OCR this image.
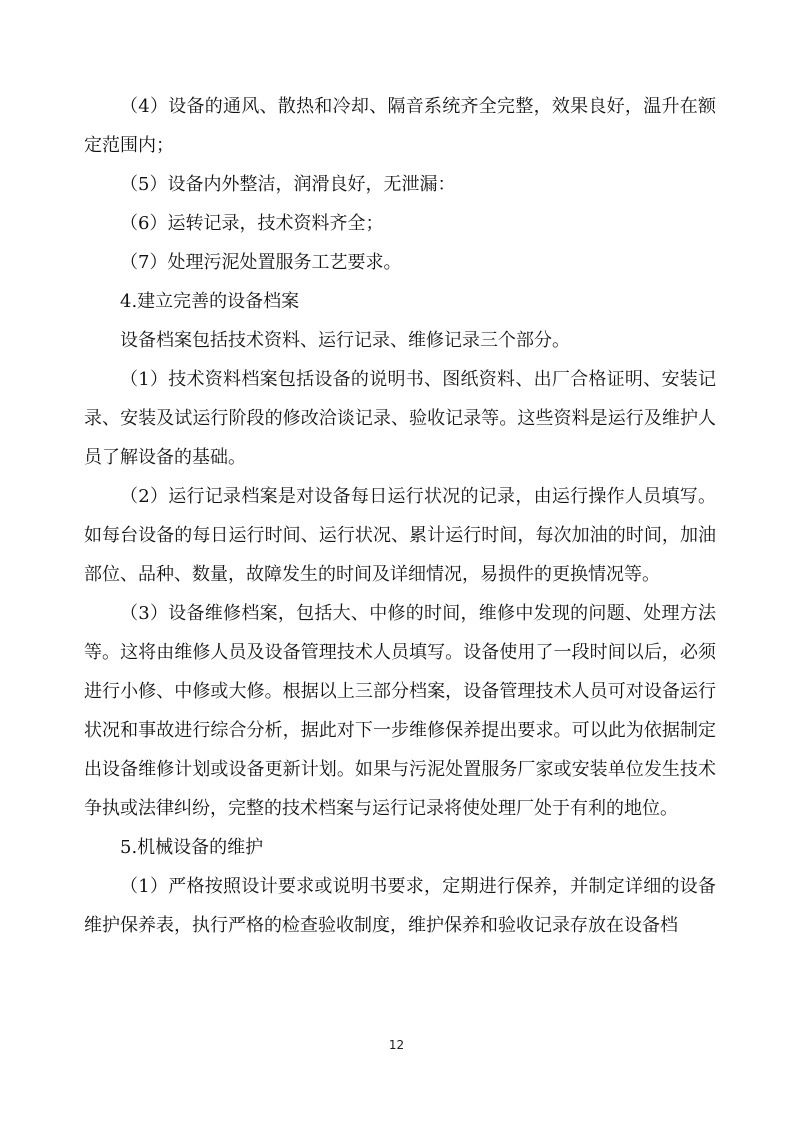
（4）设备的通风、散热和冷却、隔音系统齐全完整，效果良好，温升在额定范围内；

（5）设备内外整洁，润滑良好，无泄漏：

（6）运转记录，技术资料齐全；

（7）处理污泥处置服务工艺要求。

4.建立完善的设备档案

设备档案包括技术资料、运行记录、维修记录三个部分。

（1）技术资料档案包括设备的说明书、图纸资料、出厂合格证明、安装记录、安装及试运行阶段的修改洽谈记录、验收记录等。这些资料是运行及维护人员了解设备的基础。

（2）运行记录档案是对设备每日运行状况的记录，由运行操作人员填写。如每台设备的每日运行时间、运行状况、累计运行时间，每次加油的时间，加油部位、品种、数量，故障发生的时间及详细情况，易损件的更换情况等。

（3）设备维修档案，包括大、中修的时间，维修中发现的问题、处理方法等。这将由维修人员及设备管理技术人员填写。设备使用了一段时间以后，必须进行小修、中修或大修。根据以上三部分档案，设备管理技术人员可对设备运行状况和事故进行综合分析，据此对下一步维修保养提出要求。可以此为依据制定出设备维修计划或设备更新计划。如果与污泥处置服务厂家或安装单位发生技术争执或法律纠纷，完整的技术档案与运行记录将使处理厂处于有利的地位。

5.机械设备的维护

（1）严格按照设计要求或说明书要求，定期进行保养，并制定详细的设备维护保养表，执行严格的检查验收制度，维护保养和验收记录存放在设备档

12
